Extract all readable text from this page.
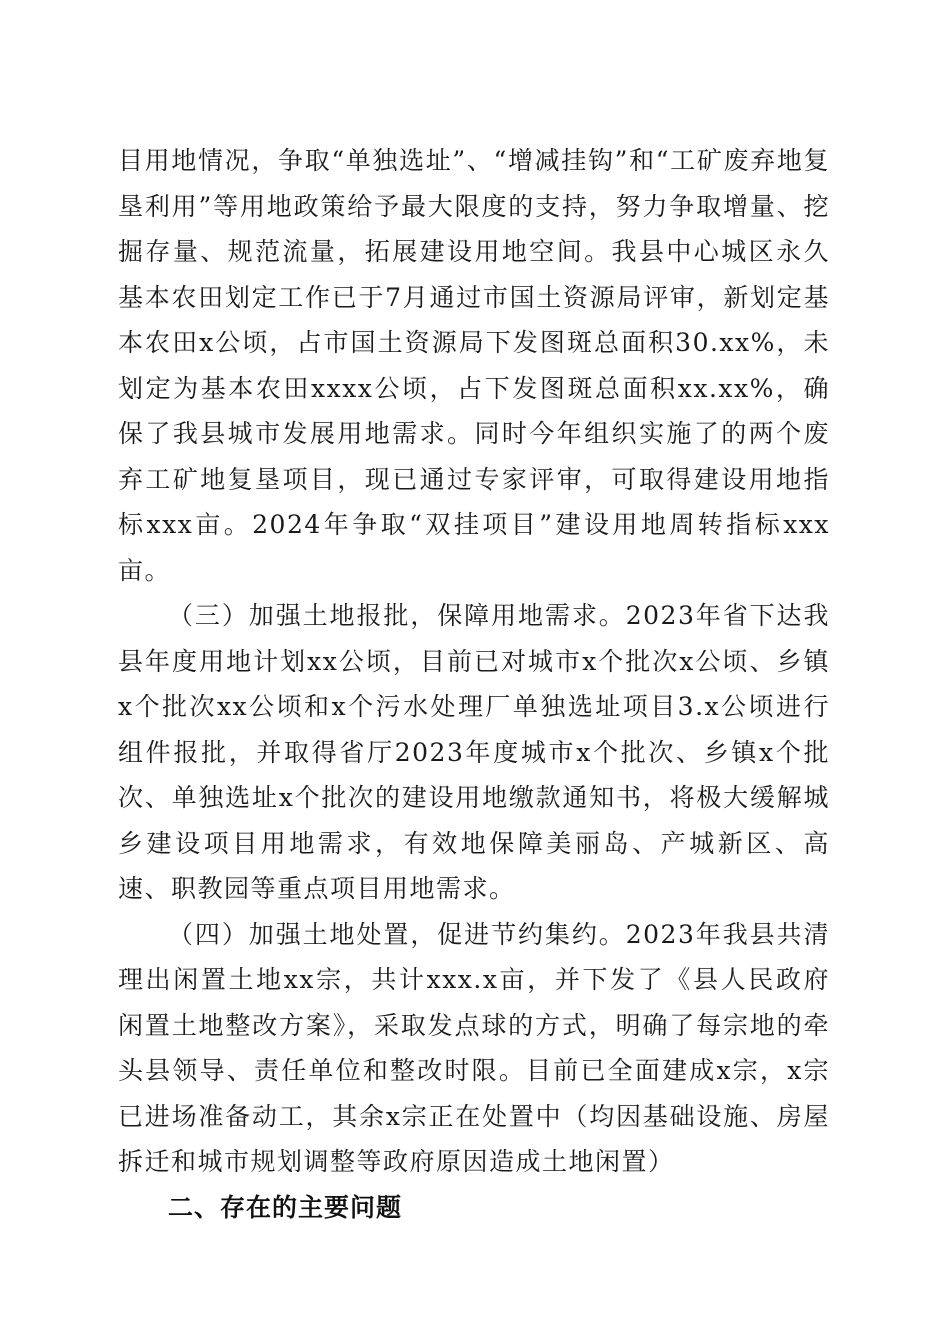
目用地情况，争取“单独选址”、“增减挂钩”和“工矿废弃地复垦利用”等用地政策给予最大限度的支持，努力争取增量、挖掘存量、规范流量，拓展建设用地空间。我县中心城区永久基本农田划定工作已于7月通过市国土资源局评审，新划定基本农田x公顷，占市国土资源局下发图斑总面积30.xx%，未划定为基本农田xxxx公顷，占下发图斑总面积xx.xx%，确保了我县城市发展用地需求。同时今年组织实施了的两个废弃工矿地复垦项目，现已通过专家评审，可取得建设用地指标xxx亩。2024年争取“双挂项目”建设用地周转指标xxx亩。

（三）加强土地报批，保障用地需求。2023年省下达我县年度用地计划xx公顷，目前已对城市x个批次x公顷、乡镇x个批次xx公顷和x个污水处理厂单独选址项目3.x公顷进行组件报批，并取得省厅2023年度城市x个批次、乡镇x个批次、单独选址x个批次的建设用地缴款通知书，将极大缓解城乡建设项目用地需求，有效地保障美丽岛、产城新区、高速、职教园等重点项目用地需求。

（四）加强土地处置，促进节约集约。2023年我县共清理出闲置土地xx宗，共计xxx.x亩，并下发了《县人民政府闲置土地整改方案》，采取发点球的方式，明确了每宗地的牵头县领导、责任单位和整改时限。目前已全面建成x宗，x宗已进场准备动工，其余x宗正在处置中（均因基础设施、房屋拆迁和城市规划调整等政府原因造成土地闲置）

二、存在的主要问题
